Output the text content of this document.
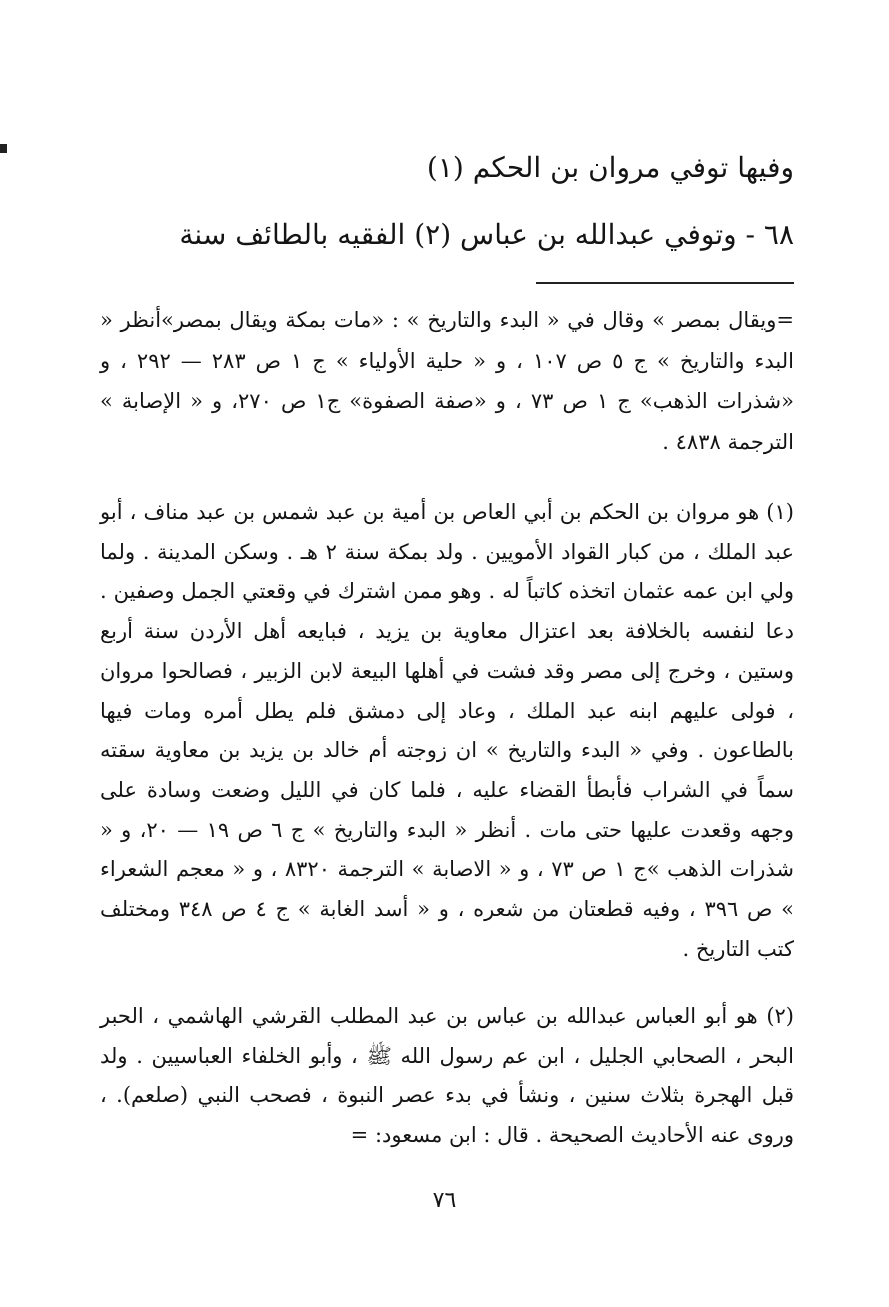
وفيها توفي مروان بن الحكم (١)
٦٨ - وتوفي عبدالله بن عباس (٢) الفقيه بالطائف سنة

=ويقال بمصر » وقال في « البدء والتاريخ » : «مات بمكة ويقال بمصر»أنظر « البدء والتاريخ » ج ٥ ص ١٠٧ ، و « حلية الأولياء » ج ١ ص ٢٨٣ — ٢٩٢ ، و «شذرات الذهب» ج ١ ص ٧٣ ، و «صفة الصفوة» ج١ ص ٢٧٠، و « الإصابة » الترجمة ٤٨٣٨ .

(١) هو مروان بن الحكم بن أبي العاص بن أمية بن عبد شمس بن عبد مناف ، أبو عبد الملك ، من كبار القواد الأمويين . ولد بمكة سنة ٢ هـ . وسكن المدينة . ولما ولي ابن عمه عثمان اتخذه كاتباً له . وهو ممن اشترك في وقعتي الجمل وصفين . دعا لنفسه بالخلافة بعد اعتزال معاوية بن يزيد ، فبايعه أهل الأردن سنة أربع وستين ، وخرج إلى مصر وقد فشت في أهلها البيعة لابن الزبير ، فصالحوا مروان ، فولى عليهم ابنه عبد الملك ، وعاد إلى دمشق فلم يطل أمره ومات فيها بالطاعون . وفي « البدء والتاريخ » ان زوجته أم خالد بن يزيد بن معاوية سقته سماً في الشراب فأبطأ القضاء عليه ، فلما كان في الليل وضعت وسادة على وجهه وقعدت عليها حتى مات . أنظر « البدء والتاريخ » ج ٦ ص ١٩ — ٢٠، و « شذرات الذهب »ج ١ ص ٧٣ ، و « الاصابة » الترجمة ٨٣٢٠ ، و « معجم الشعراء » ص ٣٩٦ ، وفيه قطعتان من شعره ، و « أسد الغابة » ج ٤ ص ٣٤٨ ومختلف كتب التاريخ .

(٢) هو أبو العباس عبدالله بن عباس بن عبد المطلب القرشي الهاشمي ، الحبر البحر ، الصحابي الجليل ، ابن عم رسول الله ﷺ ، وأبو الخلفاء العباسيين . ولد قبل الهجرة بثلاث سنين ، ونشأ في بدء عصر النبوة ، فصحب النبي (صلعم). ، وروى عنه الأحاديث الصحيحة . قال : ابن مسعود: =

٧٦
